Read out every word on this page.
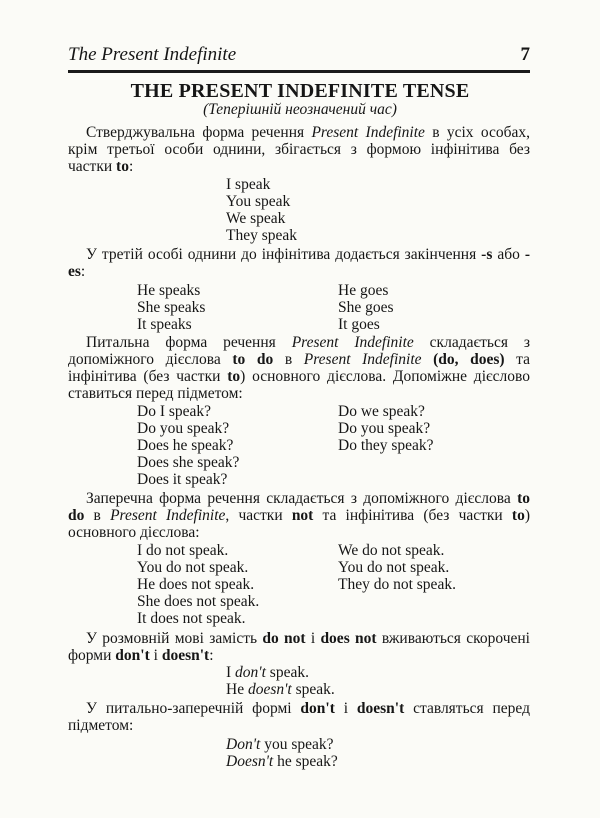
The Present Indefinite	7
THE PRESENT INDEFINITE TENSE
(Теперішній неозначений час)

Стверджувальна форма речення Present Indefinite в усіх особах, крім третьої особи однини, збігається з формою інфінітива без частки to:

I speak
You speak
We speak
They speak

У третій особі однини до інфінітива додається закінчення -s або -es:

He speaks
She speaks
It speaks
He goes
She goes
It goes

Питальна форма речення Present Indefinite складається з допоміжного дієслова to do в Present Indefinite (do, does) та інфінітива (без частки to) основного дієслова. Допоміжне дієслово ставиться перед підметом:

Do I speak?
Do you speak?
Does he speak?
Does she speak?
Does it speak?
Do we speak?
Do you speak?
Do they speak?

Заперечна форма речення складається з допоміжного дієслова to do в Present Indefinite, частки not та інфінітива (без частки to) основного дієслова:

I do not speak.
You do not speak.
He does not speak.
She does not speak.
It does not speak.
We do not speak.
You do not speak.
They do not speak.

У розмовній мові замість do not і does not вживаються скорочені форми don't і doesn't:

I don't speak.
He doesn't speak.

У питально-заперечній формі don't і doesn't ставляться перед підметом:

Don't you speak?
Doesn't he speak?
